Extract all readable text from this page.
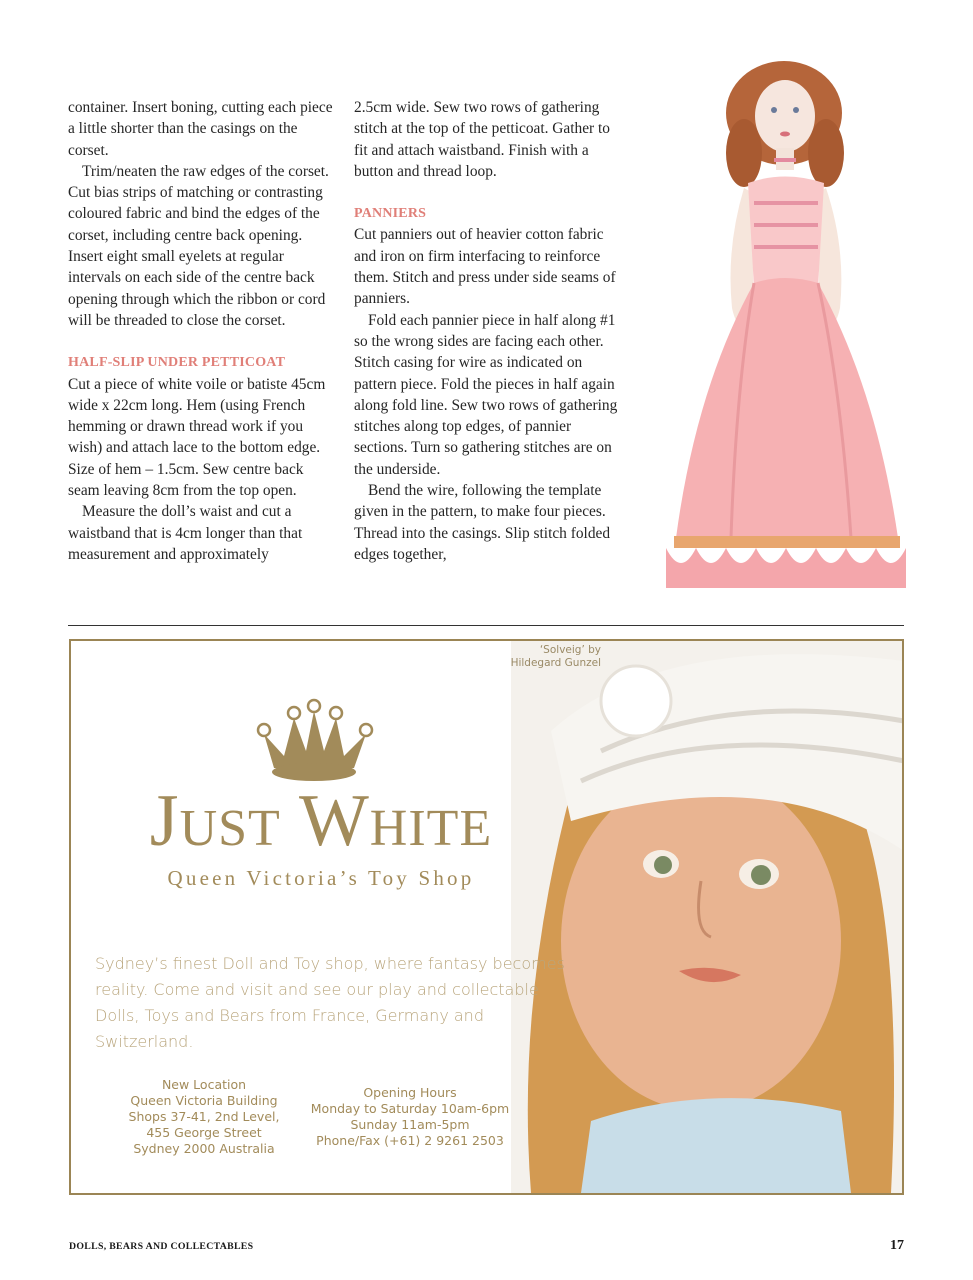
container. Insert boning, cutting each piece a little shorter than the casings on the corset.

Trim/neaten the raw edges of the corset. Cut bias strips of matching or contrasting coloured fabric and bind the edges of the corset, including centre back opening. Insert eight small eyelets at regular intervals on each side of the centre back opening through which the ribbon or cord will be threaded to close the corset.

HALF-SLIP UNDER PETTICOAT

Cut a piece of white voile or batiste 45cm wide x 22cm long. Hem (using French hemming or drawn thread work if you wish) and attach lace to the bottom edge. Size of hem – 1.5cm. Sew centre back seam leaving 8cm from the top open.

Measure the doll’s waist and cut a waistband that is 4cm longer than that measurement and approximately

2.5cm wide. Sew two rows of gathering stitch at the top of the petticoat. Gather to fit and attach waistband. Finish with a button and thread loop.

PANNIERS

Cut panniers out of heavier cotton fabric and iron on firm interfacing to reinforce them. Stitch and press under side seams of panniers.

Fold each pannier piece in half along #1 so the wrong sides are facing each other. Stitch casing for wire as indicated on pattern piece. Fold the pieces in half again along fold line. Sew two rows of gathering stitches along top edges, of pannier sections. Turn so gathering stitches are on the underside.

Bend the wire, following the template given in the pattern, to make four pieces. Thread into the casings. Slip stitch folded edges together,

‘Solveig’ by
Hildegard Gunzel
Just White
Queen Victoria’s Toy Shop
Sydney’s finest Doll and Toy shop, where fantasy becomes reality. Come and visit and see our play and collectable Dolls, Toys and Bears from France, Germany and Switzerland.
New Location
Queen Victoria Building
Shops 37-41, 2nd Level,
455 George Street
Sydney 2000 Australia
Opening Hours
Monday to Saturday 10am-6pm
Sunday 11am-5pm
Phone/Fax (+61) 2 9261 2503
DOLLS, BEARS AND COLLECTABLES	17
